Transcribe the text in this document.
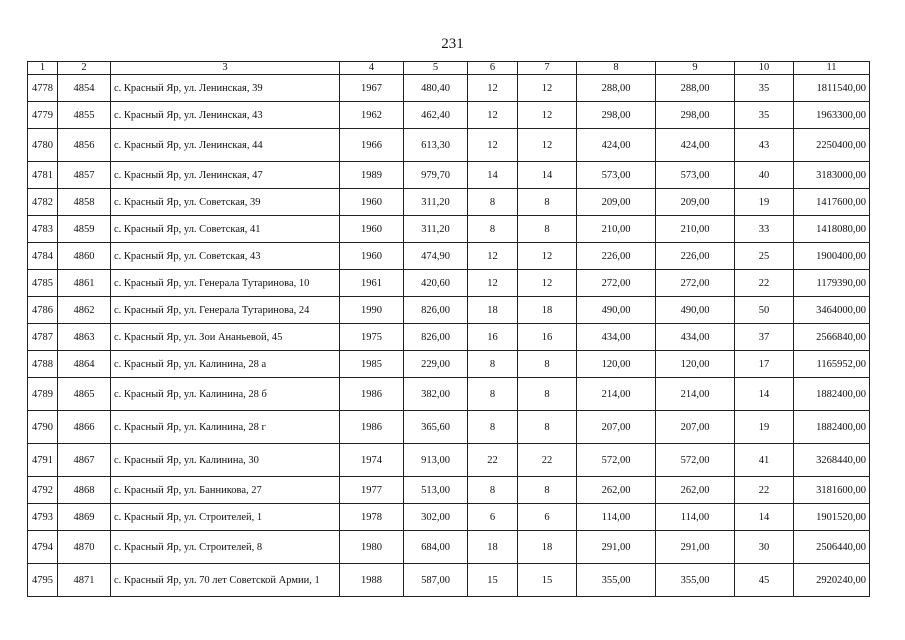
231
1	2	3	4	5	6	7	8	9	10	11
4778	4854	с. Красный Яр, ул. Ленинская, 39	1967	480,40	12	12	288,00	288,00	35	1811540,00
4779	4855	с. Красный Яр, ул. Ленинская, 43	1962	462,40	12	12	298,00	298,00	35	1963300,00
4780	4856	с. Красный Яр, ул. Ленинская, 44	1966	613,30	12	12	424,00	424,00	43	2250400,00
4781	4857	с. Красный Яр, ул. Ленинская, 47	1989	979,70	14	14	573,00	573,00	40	3183000,00
4782	4858	с. Красный Яр, ул. Советская, 39	1960	311,20	8	8	209,00	209,00	19	1417600,00
4783	4859	с. Красный Яр, ул. Советская, 41	1960	311,20	8	8	210,00	210,00	33	1418080,00
4784	4860	с. Красный Яр, ул. Советская, 43	1960	474,90	12	12	226,00	226,00	25	1900400,00
4785	4861	с. Красный Яр, ул. Генерала Тутаринова, 10	1961	420,60	12	12	272,00	272,00	22	1179390,00
4786	4862	с. Красный Яр, ул. Генерала Тутаринова, 24	1990	826,00	18	18	490,00	490,00	50	3464000,00
4787	4863	с. Красный Яр, ул. Зои Ананьевой, 45	1975	826,00	16	16	434,00	434,00	37	2566840,00
4788	4864	с. Красный Яр, ул. Калинина, 28 а	1985	229,00	8	8	120,00	120,00	17	1165952,00
4789	4865	с. Красный Яр, ул. Калинина, 28 б	1986	382,00	8	8	214,00	214,00	14	1882400,00
4790	4866	с. Красный Яр, ул. Калинина, 28 г	1986	365,60	8	8	207,00	207,00	19	1882400,00
4791	4867	с. Красный Яр, ул. Калинина, 30	1974	913,00	22	22	572,00	572,00	41	3268440,00
4792	4868	с. Красный Яр, ул. Банникова, 27	1977	513,00	8	8	262,00	262,00	22	3181600,00
4793	4869	с. Красный Яр, ул. Строителей, 1	1978	302,00	6	6	114,00	114,00	14	1901520,00
4794	4870	с. Красный Яр, ул. Строителей, 8	1980	684,00	18	18	291,00	291,00	30	2506440,00
4795	4871	с. Красный Яр, ул. 70 лет Советской Армии, 1	1988	587,00	15	15	355,00	355,00	45	2920240,00
